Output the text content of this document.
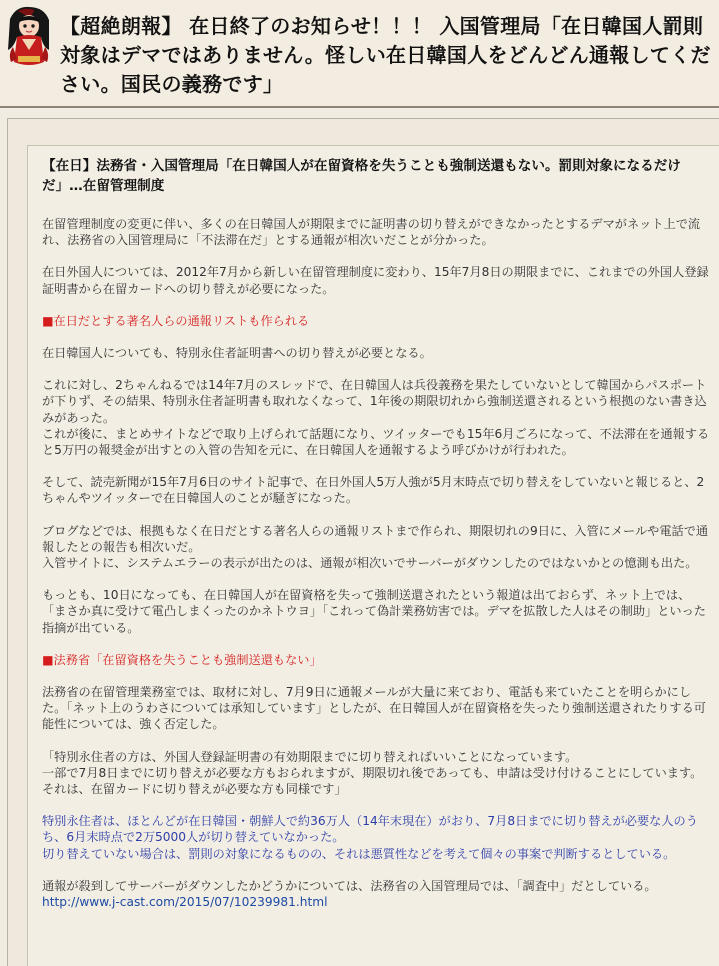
【超絶朗報】 在日終了のお知らせ！！！ 入国管理局「在日韓国人罰則対象はデマではありません。怪しい在日韓国人をどんどん通報してください。国民の義務です」
【在日】法務省・入国管理局「在日韓国人が在留資格を失うことも強制送還もない。罰則対象になるだけだ」…在留管理制度

在留管理制度の変更に伴い、多くの在日韓国人が期限までに証明書の切り替えができなかったとするデマがネット上で流れ、法務省の入国管理局に「不法滞在だ」とする通報が相次いだことが分かった。

在日外国人については、2012年7月から新しい在留管理制度に変わり、15年7月8日の期限までに、これまでの外国人登録証明書から在留カードへの切り替えが必要になった。

■在日だとする著名人らの通報リストも作られる

在日韓国人についても、特別永住者証明書への切り替えが必要となる。

これに対し、2ちゃんねるでは14年7月のスレッドで、在日韓国人は兵役義務を果たしていないとして韓国からパスポートが下りず、その結果、特別永住者証明書も取れなくなって、1年後の期限切れから強制送還されるという根拠のない書き込みがあった。
これが後に、まとめサイトなどで取り上げられて話題になり、ツイッターでも15年6月ごろになって、不法滞在を通報すると5万円の報奨金が出すとの入管の告知を元に、在日韓国人を通報するよう呼びかけが行われた。

そして、読売新聞が15年7月6日のサイト記事で、在日外国人5万人強が5月末時点で切り替えをしていないと報じると、2ちゃんやツイッターで在日韓国人のことが騒ぎになった。

ブログなどでは、根拠もなく在日だとする著名人らの通報リストまで作られ、期限切れの9日に、入管にメールや電話で通報したとの報告も相次いだ。
入管サイトに、システムエラーの表示が出たのは、通報が相次いでサーバーがダウンしたのではないかとの憶測も出た。

もっとも、10日になっても、在日韓国人が在留資格を失って強制送還されたという報道は出ておらず、ネット上では、
「まさか真に受けて電凸しまくったのかネトウヨ」「これって偽計業務妨害では。デマを拡散した人はその制助」といった指摘が出ている。

■法務省「在留資格を失うことも強制送還もない」

法務省の在留管理業務室では、取材に対し、7月9日に通報メールが大量に来ており、電話も来ていたことを明らかにした。「ネット上のうわさについては承知しています」としたが、在日韓国人が在留資格を失ったり強制送還されたりする可能性については、強く否定した。

「特別永住者の方は、外国人登録証明書の有効期限までに切り替えればいいことになっています。
一部で7月8日までに切り替えが必要な方もおられますが、期限切れ後であっても、申請は受け付けることにしています。それは、在留カードに切り替えが必要な方も同様です」

特別永住者は、ほとんどが在日韓国・朝鮮人で約36万人（14年末現在）がおり、7月8日までに切り替えが必要な人のうち、6月末時点で2万5000人が切り替えていなかった。
切り替えていない場合は、罰則の対象になるものの、それは悪質性などを考えて個々の事案で判断するとしている。

通報が殺到してサーバーがダウンしたかどうかについては、法務省の入国管理局では、「調査中」だとしている。

http://www.j-cast.com/2015/07/10239981.html
